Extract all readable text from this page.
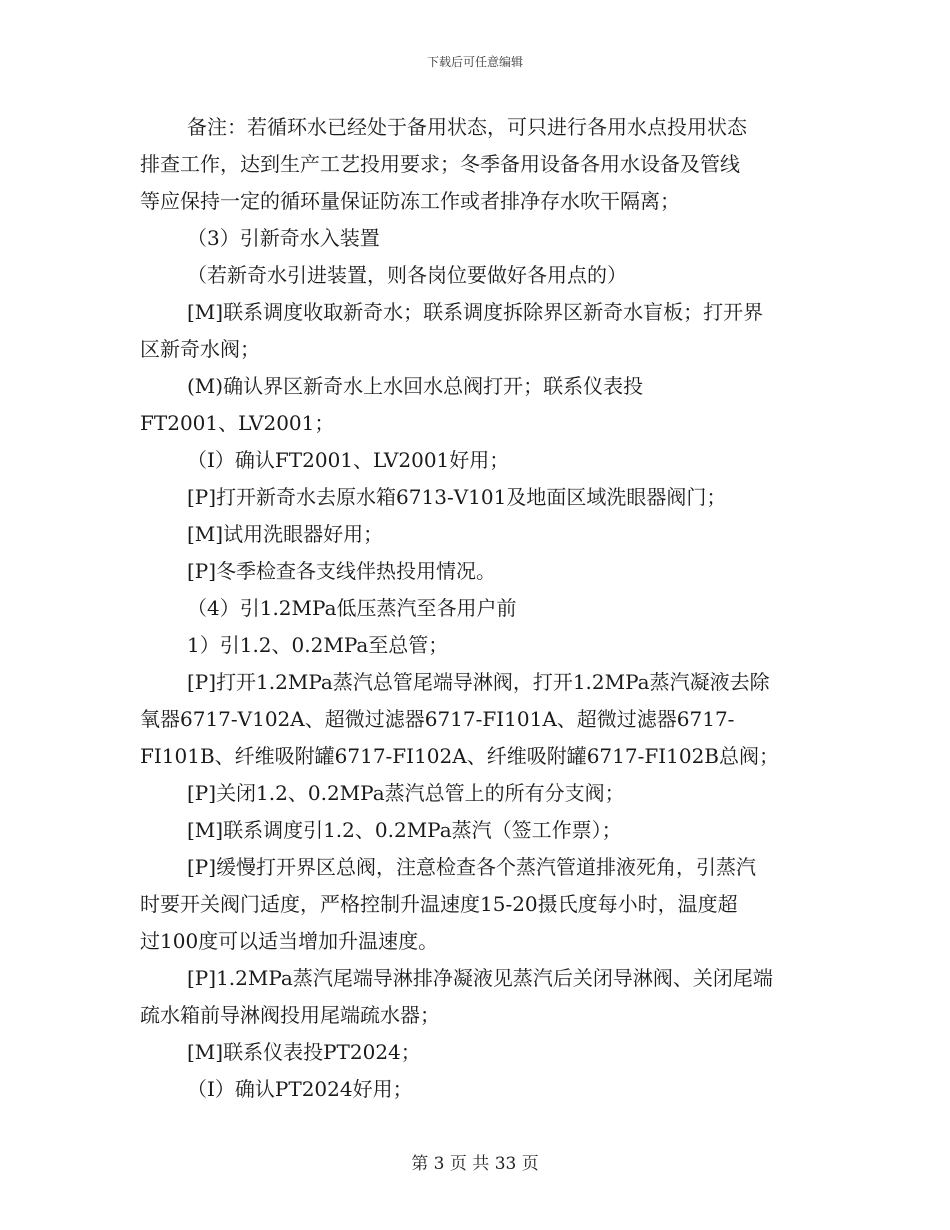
下载后可任意编辑
备注：若循环水已经处于备用状态，可只进行各用水点投用状态
排查工作，达到生产工艺投用要求；冬季备用设备各用水设备及管线
等应保持一定的循环量保证防冻工作或者排净存水吹干隔离；
（3）引新奇水入装置
（若新奇水引进装置，则各岗位要做好各用点的）
[M]联系调度收取新奇水；联系调度拆除界区新奇水盲板；打开界
区新奇水阀；
(M)确认界区新奇水上水回水总阀打开；联系仪表投
FT2001、LV2001；
（I）确认FT2001、LV2001好用；
[P]打开新奇水去原水箱6713-V101及地面区域洗眼器阀门；
[M]试用洗眼器好用；
[P]冬季检查各支线伴热投用情况。
（4）引1.2MPa低压蒸汽至各用户前
1）引1.2、0.2MPa至总管；
[P]打开1.2MPa蒸汽总管尾端导淋阀，打开1.2MPa蒸汽凝液去除
氧器6717-V102A、超微过滤器6717-FI101A、超微过滤器6717-
FI101B、纤维吸附罐6717-FI102A、纤维吸附罐6717-FI102B总阀；
[P]关闭1.2、0.2MPa蒸汽总管上的所有分支阀；
[M]联系调度引1.2、0.2MPa蒸汽（签工作票）；
[P]缓慢打开界区总阀，注意检查各个蒸汽管道排液死角，引蒸汽
时要开关阀门适度，严格控制升温速度15-20摄氏度每小时，温度超
过100度可以适当增加升温速度。
[P]1.2MPa蒸汽尾端导淋排净凝液见蒸汽后关闭导淋阀、关闭尾端
疏水箱前导淋阀投用尾端疏水器；
[M]联系仪表投PT2024；
（I）确认PT2024好用；
第 3 页 共 33 页
